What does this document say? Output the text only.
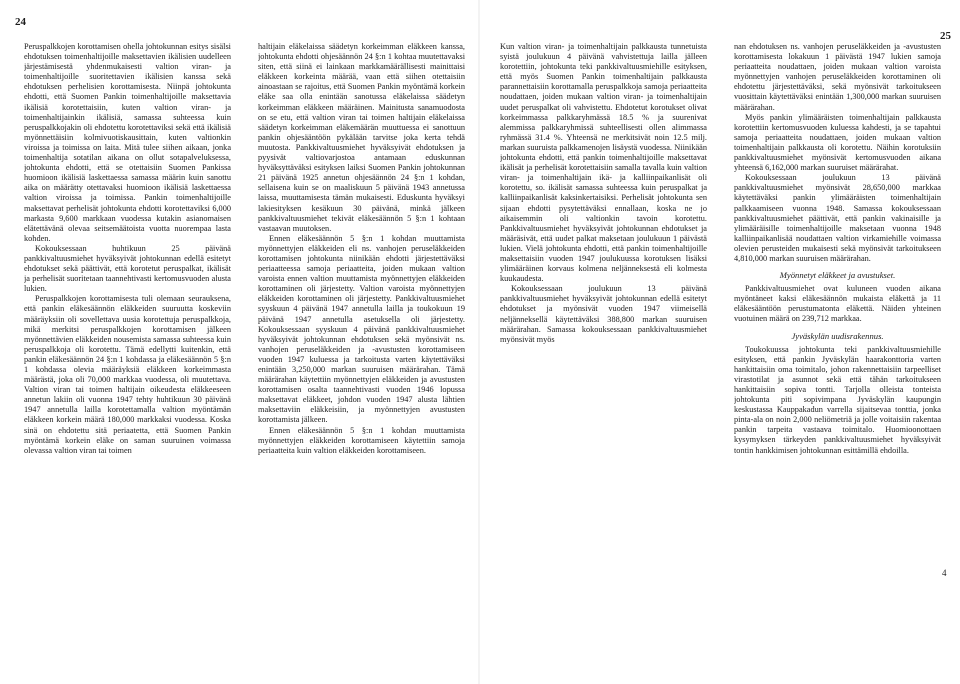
24
25

Peruspalkkojen korottamisen ohella johtokunnan esitys sisälsi ehdotuksen toimenhaltijoille maksettavien ikälisien uudelleen järjestämisestä yhdenmukaisesti valtion viran- ja toimenhaltijoille suoritettavien ikälisien kanssa sekä ehdotuksen perhelisien korottamisesta. Niinpä johtokunta ehdotti, että Suomen Pankin toimenhaltijoille maksettavia ikälisiä korotettaisiin, kuten valtion viran- ja toimenhaltijainkin ikälisiä, samassa suhteessa kuin peruspalkkojakin oli ehdotettu korotettaviksi sekä että ikälisiä myönnettäisiin kolmivuotiskausittain, kuten valtionkin viroissa ja toimissa on laita. Mitä tulee siihen aikaan, jonka toimenhaltija sotatilan aikana on ollut sotapalveluksessa, johtokunta ehdotti, että se otettaisiin Suomen Pankissa huomioon ikälisiä laskettaessa samassa määrin kuin sanottu aika on määrätty otettavaksi huomioon ikälisiä laskettaessa valtion viroissa ja toimissa. Pankin toimenhaltijoille maksettavat perhelisät johtokunta ehdotti korotettaviksi 6,000 markasta 9,600 markkaan vuodessa kutakin asianomaisen elätettävänä olevaa seitsemäätoista vuotta nuorempaa lasta kohden.

Kokouksessaan huhtikuun 25 päivänä pankkivaltuusmiehet hyväksyivät johtokunnan edellä esitetyt ehdotukset sekä päättivät, että korotetut peruspalkat, ikälisät ja perhelisät suoritetaan taannehtivasti kertomusvuoden alusta lukien.

Peruspalkkojen korottamisesta tuli olemaan seurauksena, että pankin eläkesäännön eläkkeiden suuruutta koskeviin määräyksiin oli sovellettava uusia korotettuja peruspalkkoja, mikä merkitsi peruspalkkojen korottamisen jälkeen myönnettävien eläkkeiden nousemista samassa suhteessa kuin peruspalkkoja oli korotettu. Tämä edellytti kuitenkin, että pankin eläkesäännön 24 §:n 1 kohdassa ja eläkesäännön 5 §:n 1 kohdassa olevia määräyksiä eläkkeen korkeimmasta määrästä, joka oli 70,000 markkaa vuodessa, oli muutettava. Valtion viran tai toimen haltijain oikeudesta eläkkeeseen annetun lakiin oli vuonna 1947 tehty huhtikuun 30 päivänä 1947 annetulla lailla korotettamalla valtion myöntämän eläkkeen korkein määrä 180,000 markkaksi vuodessa. Koska sinä on ehdotettu sitä periaatetta, että Suomen Pankin myöntämä korkein eläke on saman suuruinen voimassa olevassa valtion viran tai toimen

haltijain eläkelaissa säädetyn korkeimman eläkkeen kanssa, johtokunta ehdotti ohjesäännön 24 §:n 1 kohtaa muutettavaksi siten, että siinä ei lainkaan markkamäärällisesti mainittaisi eläkkeen korkeinta määrää, vaan että siihen otettaisiin ainoastaan se rajoitus, että Suomen Pankin myöntämä korkein eläke saa olla enintään sanotussa eläkelaissa säädetyn korkeimman eläkkeen määräinen. Mainitusta sanamuodosta on se etu, että valtion viran tai toimen haltijain eläkelaissa säädetyn korkeimman eläkemäärän muuttuessa ei sanottuun pankin ohjesääntöön pykälään tarvitse joka kerta tehdä muutosta. Pankkivaltuusmiehet hyväksyivät ehdotuksen ja pyysivät valtiovarjostoa antamaan eduskunnan hyväksyttäväksi esityksen laiksi Suomen Pankin johtokunnan 21 päivänä 1925 annetun ohjesäännön 24 §:n 1 kohdan, sellaisena kuin se on maaliskuun 5 päivänä 1943 annetussa laissa, muuttamisesta tämän mukaisesti. Eduskunta hyväksyi lakiesityksen kesäkuun 30 päivänä, minkä jälkeen pankkivaltuusmiehet tekivät eläkesäännön 5 §:n 1 kohtaan vastaavan muutoksen.

Ennen eläkesäännön 5 §:n 1 kohdan muuttamista myönnettyjen eläkkeiden eli ns. vanhojen peruseläkkeiden korottamisen johtokunta niinikään ehdotti järjestettäväksi periaatteessa samoja periaatteita, joiden mukaan valtion varoista ennen valtion muuttamista myönnettyjen eläkkeiden korottaminen oli järjestetty. Valtion varoista myönnettyjen eläkkeiden korottaminen oli järjestetty. Pankkivaltuusmiehet syyskuun 4 päivänä 1947 annetulla lailla ja toukokuun 19 päivänä 1947 annetulla asetuksella oli järjestetty. Kokouksessaan syyskuun 4 päivänä pankkivaltuusmiehet hyväksyivät johtokunnan ehdotuksen sekä myönsivät ns. vanhojen peruseläkkeiden ja -avustusten korottamiseen vuoden 1947 kuluessa ja tarkoitusta varten käytettäväksi enintään 3,250,000 markan suuruisen määrärahan. Tämä määrärahan käytettiin myönnettyjen eläkkeiden ja avustusten korottamisen osalta taannehtivasti vuoden 1946 lopussa maksettavat eläkkeet, johdon vuoden 1947 alusta lähtien maksettaviin eläkkeisiin, ja myönnettyjen avustusten korottamista jälkeen.

Ennen eläkesäännön 5 §:n 1 kohdan muuttamista myönnettyjen eläkkeiden korottamiseen käytettiin samoja periaatteita kuin valtion eläkkeiden korottamiseen.

Kun valtion viran- ja toimenhaltijain palkkausta tunnetuista syistä joulukuun 4 päivänä vahvistettuja lailla jälleen korotettiin, johtokunta teki pankkivaltuusmiehille esityksen, että myös Suomen Pankin toimenhaltijain palkkausta parannettaisiin korottamalla peruspalkkoja samoja periaatteita noudattaen, joiden mukaan valtion viran- ja toimenhaltijain uudet peruspalkat oli vahvistettu. Ehdotetut korotukset olivat korkeimmassa palkkaryhmässä 18.5 % ja suurenivat alemmissa palkkaryhmissä suhteellisesti ollen alimmassa ryhmässä 31.4 %. Yhteensä ne merkitsivät noin 12.5 milj. markan suuruista palkkamenojen lisäystä vuodessa. Niinikään johtokunta ehdotti, että pankin toimenhaltijoille maksettavat ikälisät ja perhelisät korotettaisiin samalla tavalla kuin valtion viran- ja toimenhaltijain ikä- ja kalliinpaikanlisät oli korotettu, so. ikälisät samassa suhteessa kuin peruspalkat ja kalliinpaikanlisät kaksinkertaisiksi. Perhelisät johtokunta sen sijaan ehdotti pysytettäväksi ennallaan, koska ne jo aikaisemmin oli valtionkin tavoin korotettu. Pankkivaltuusmiehet hyväksyivät johtokunnan ehdotukset ja määräsivät, että uudet palkat maksetaan joulukuun 1 päivästä lukien. Vielä johtokunta ehdotti, että pankin toimenhaltijoille maksettaisiin vuoden 1947 joulukuussa korotuksen lisäksi ylimääräinen korvaus kolmena neljänneksestä eli kolmesta kuukaudesta.

Kokouksessaan joulukuun 13 päivänä pankkivaltuusmiehet hyväksyivät johtokunnan edellä esitetyt ehdotukset ja myönsivät vuoden 1947 viimeisellä neljänneksellä käytettäväksi 388,800 markan suuruisen määrärahan. Samassa kokouksessaan pankkivaltuusmiehet myönsivät myös

nan ehdotuksen ns. vanhojen peruseläkkeiden ja -avustusten korottamisesta lokakuun 1 päivästä 1947 lukien samoja periaatteita noudattaen, joiden mukaan valtion varoista myönnettyjen vanhojen peruseläkkeiden korottaminen oli ehdotettu järjestettäväksi, sekä myönsivät tarkoitukseen vuosittain käytettäväksi enintään 1,300,000 markan suuruisen määrärahan.

Myös pankin ylimääräisten toimenhaltijain palkkausta korotettiin kertomusvuoden kuluessa kahdesti, ja se tapahtui samoja periaatteita noudattaen, joiden mukaan valtion toimenhaltijain palkkausta oli korotettu. Näihin korotuksiin pankkivaltuusmiehet myönsivät kertomusvuoden aikana yhteensä 6,162,000 markan suuruiset määrärahat.

Kokouksessaan joulukuun 13 päivänä pankkivaltuusmiehet myönsivät 28,650,000 markkaa käytettäväksi pankin ylimääräisten toimenhaltijain palkkaamiseen vuonna 1948. Samassa kokouksessaan pankkivaltuusmiehet päättivät, että pankin vakinaisille ja ylimääräisille toimenhaltijoille maksetaan vuonna 1948 kalliinpaikanlisää noudattaen valtion virkamiehille voimassa olevien perusteiden mukaisesti sekä myönsivät tarkoitukseen 4,810,000 markan suuruisen määrärahan.

Myönnetyt eläkkeet ja avustukset.

Pankkivaltuusmiehet ovat kuluneen vuoden aikana myöntäneet kaksi eläkesäännön mukaista eläkettä ja 11 eläkesääntöön perustumatonta eläkettä. Näiden yhteinen vuotuinen määrä on 239,712 markkaa.

Jyväskylän uudisrakennus.

Toukokuussa johtokunta teki pankkivaltuusmiehille esityksen, että pankin Jyväskylän haarakonttoria varten hankittaisiin oma toimitalo, johon rakennettaisiin tarpeelliset virastotilat ja asunnot sekä että tähän tarkoitukseen hankittaisiin sopiva tontti. Tarjolla olleista tonteista johtokunta piti sopivimpana Jyväskylän kaupungin keskustassa Kauppakadun varrella sijaitsevaa tonttia, jonka pinta-ala on noin 2,000 neliömetriä ja jolle voitaisiin rakentaa pankin tarpeita vastaava toimitalo. Huomioonottaen kysymyksen tärkeyden pankkivaltuusmiehet hyväksyivät tontin hankkimisen johtokunnan esittämillä ehdoilla.

4
